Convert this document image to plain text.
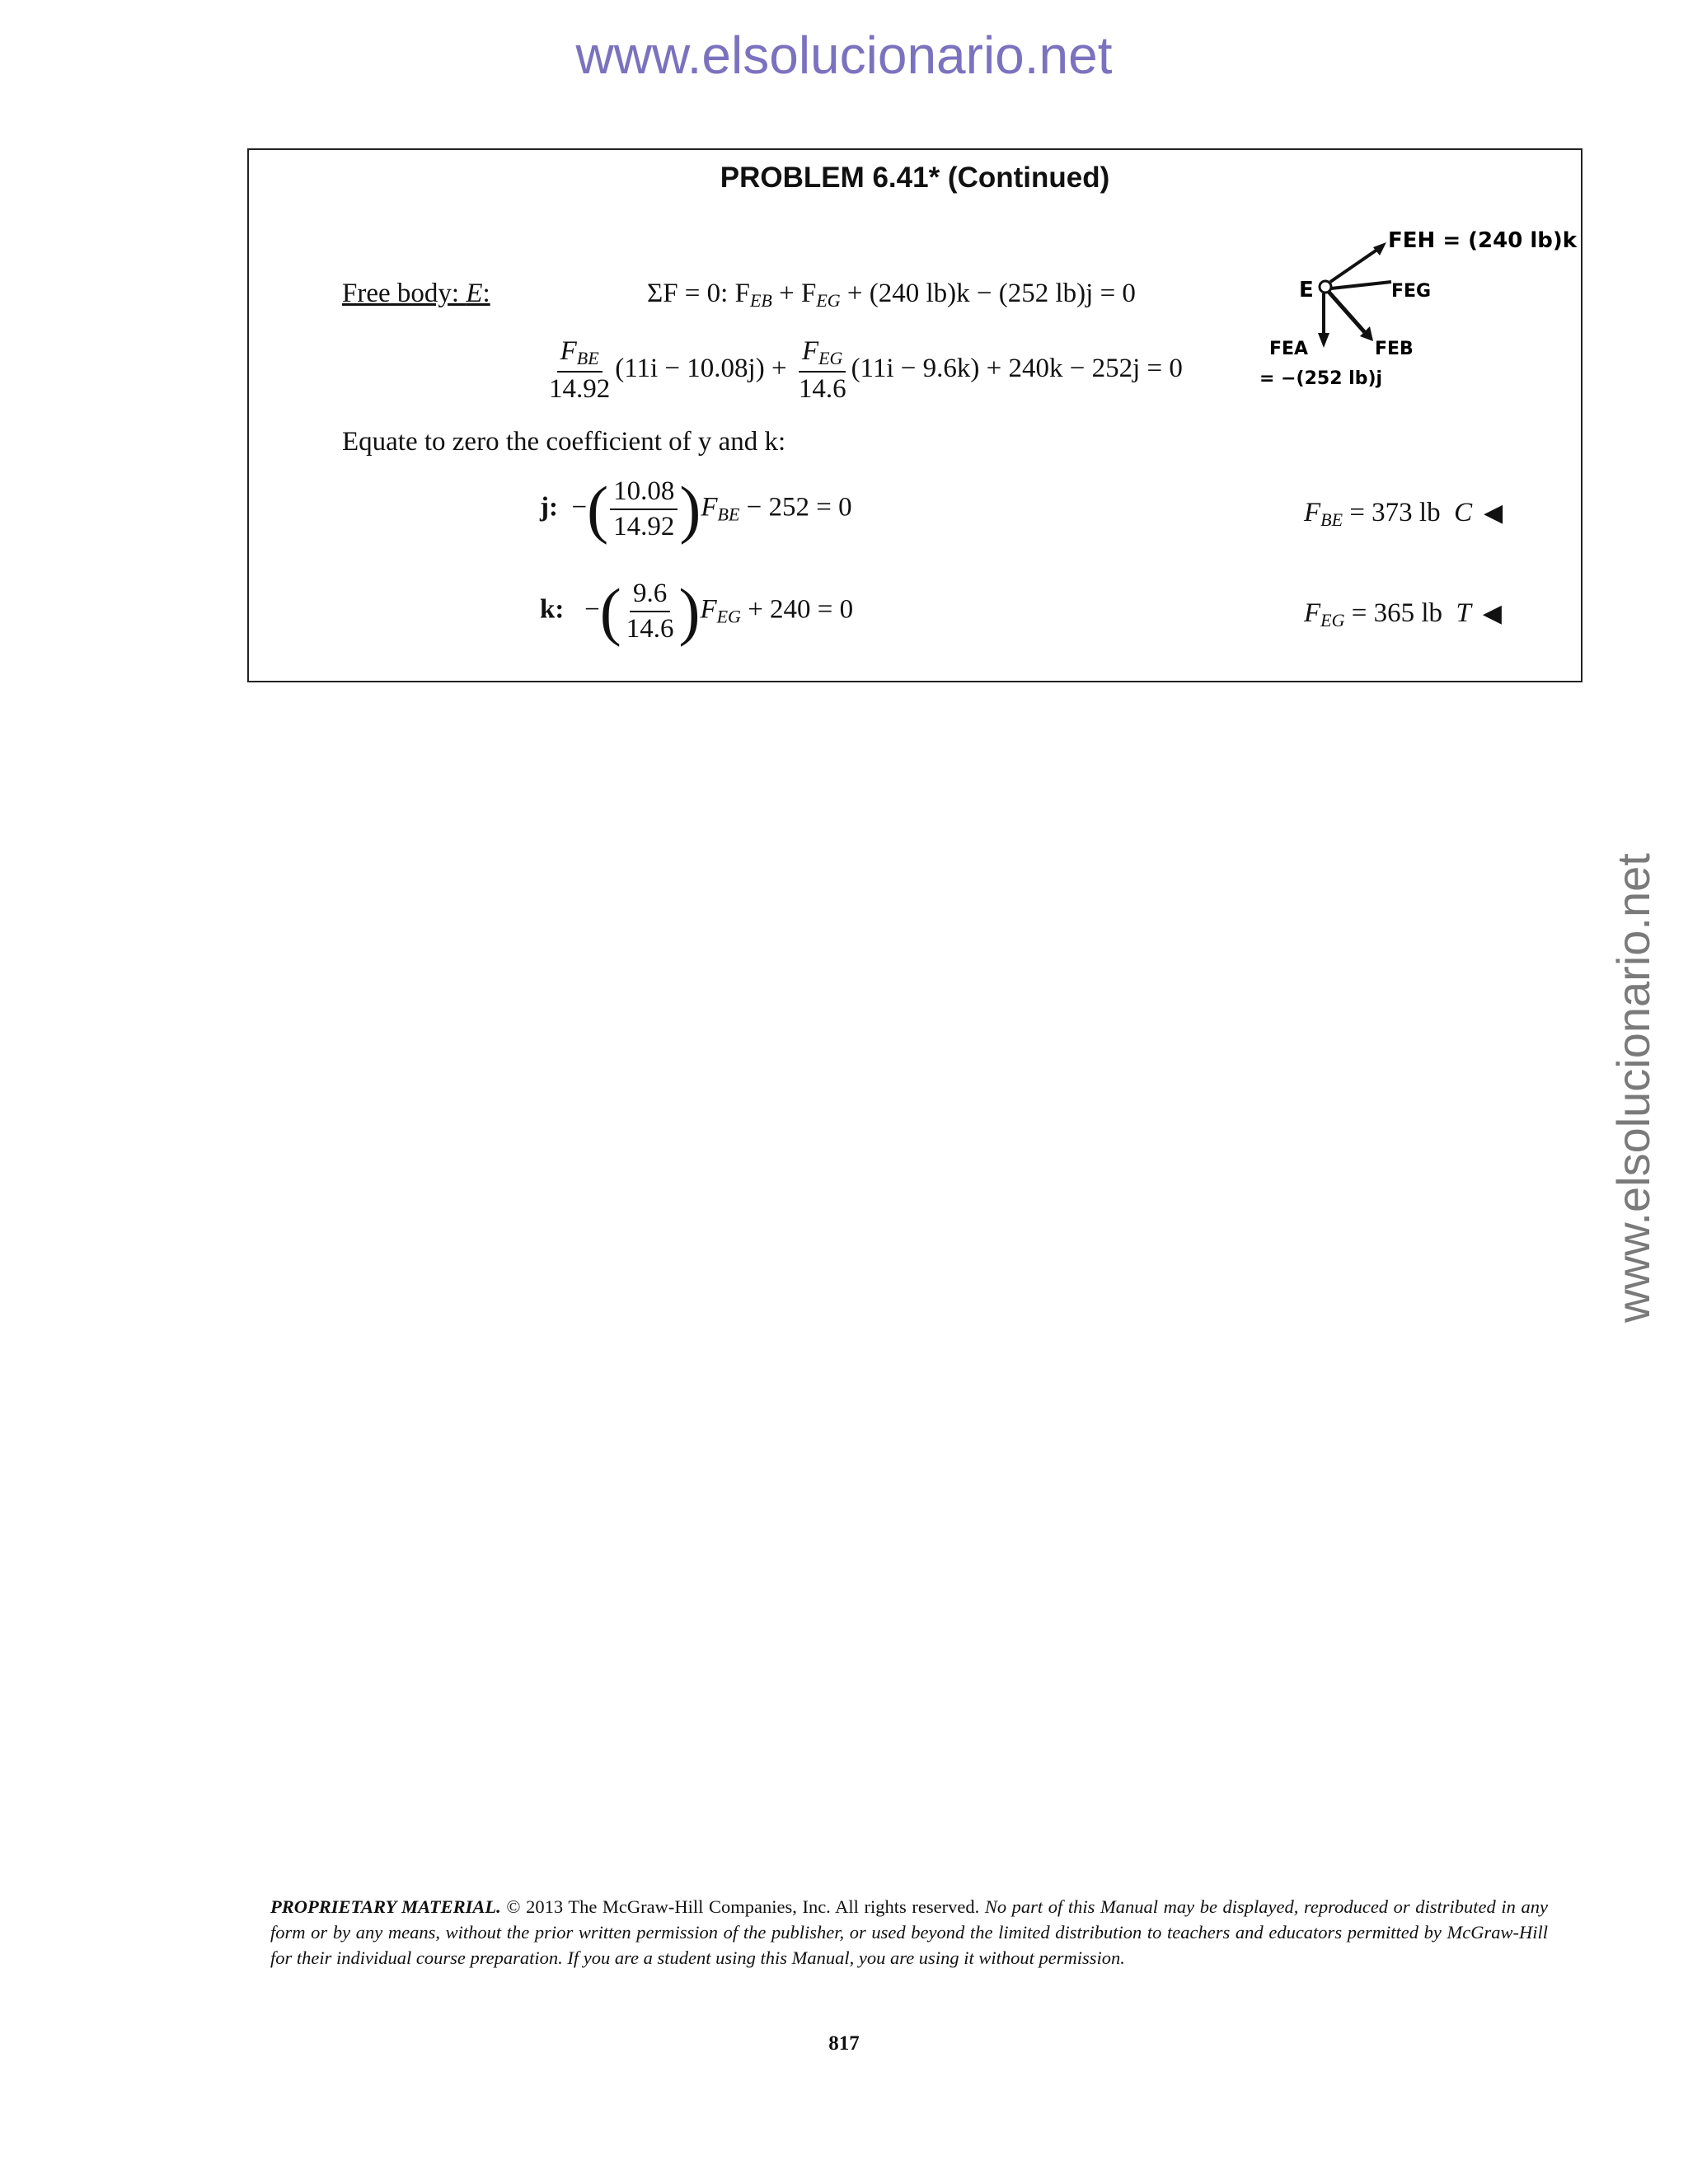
www.elsolucionario.net
www.elsolucionario.net
PROBLEM 6.41* (Continued)
Free body: E:	ΣF = 0: $F_{EB} + F_{EG} + (240$ lb)k − (252 lb)j = 0
$\frac{F_{BE}}{14.92} (11i - 10.08j) + \frac{F_{EG}}{14.6} (11i - 9.6k) + 240k - 252j = 0$
Equate to zero the coefficient of y and k:
j:  −( $\frac{10.08}{14.92} )F_{BE} - 252 = 0$	$F_{BE} = 373$ lb C ◀
k:   −( $\frac{9.6}{14.6} )F_{EG} + 240 = 0$	$F_{EG} = 365$ lb T ◀
E
FEH = (240 lb)k
FEG
FEB
FEA
= −(252 lb)j
PROPRIETARY MATERIAL. © 2013 The McGraw-Hill Companies, Inc. All rights reserved. No part of this Manual may be displayed, reproduced or distributed in any form or by any means, without the prior written permission of the publisher, or used beyond the limited distribution to teachers and educators permitted by McGraw-Hill for their individual course preparation. If you are a student using this Manual, you are using it without permission.
817
